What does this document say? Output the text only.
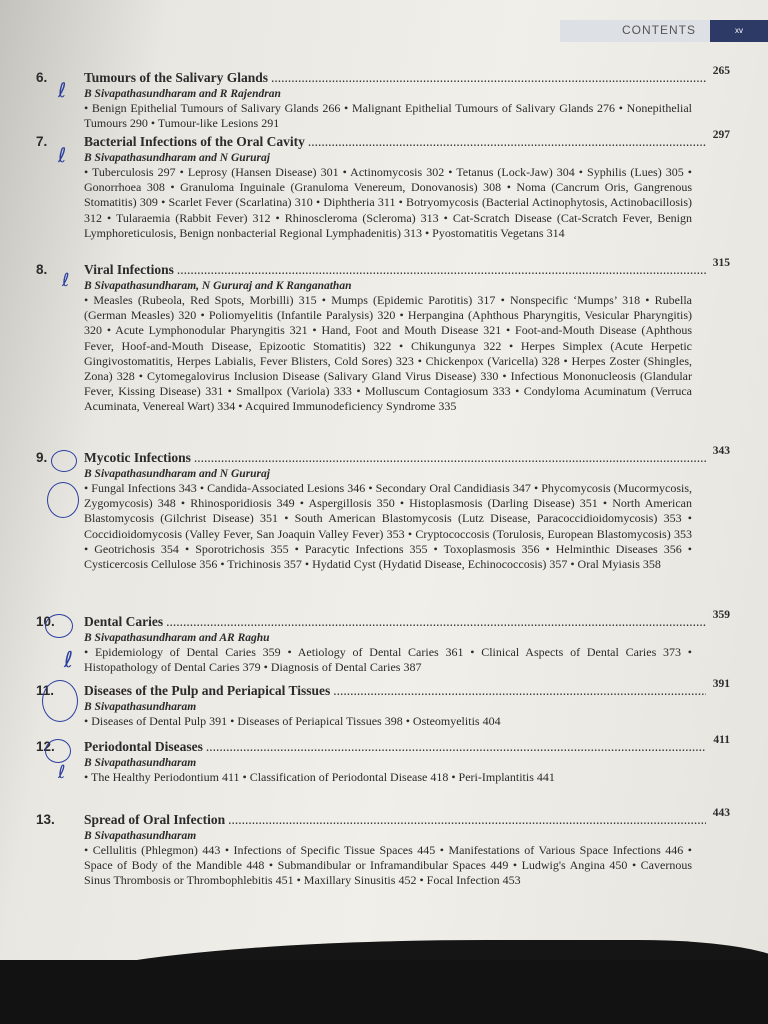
CONTENTS	xv
6.	Tumours of the Salivary Glands .....	265
B Sivapathasundharam and R Rajendran
• Benign Epithelial Tumours of Salivary Glands 266 • Malignant Epithelial Tumours of Salivary Glands 276 • Nonepithelial Tumours 290 • Tumour-like Lesions 291
7.	Bacterial Infections of the Oral Cavity .....	297
B Sivapathasundharam and N Gururaj
• Tuberculosis 297 • Leprosy (Hansen Disease) 301 • Actinomycosis 302 • Tetanus (Lock-Jaw) 304 • Syphilis (Lues) 305 • Gonorrhoea 308 • Granuloma Inguinale (Granuloma Venereum, Donovanosis) 308 • Noma (Cancrum Oris, Gangrenous Stomatitis) 309 • Scarlet Fever (Scarlatina) 310 • Diphtheria 311 • Botryomycosis (Bacterial Actinophytosis, Actinobacillosis) 312 • Tularaemia (Rabbit Fever) 312 • Rhinoscleroma (Scleroma) 313 • Cat-Scratch Disease (Cat-Scratch Fever, Benign Lymphoreticulosis, Benign nonbacterial Regional Lymphadenitis) 313 • Pyostomatitis Vegetans 314
8.	Viral Infections .....	315
B Sivapathasundharam, N Gururaj and K Ranganathan
• Measles (Rubeola, Red Spots, Morbilli) 315 • Mumps (Epidemic Parotitis) 317 • Nonspecific ‘Mumps’ 318 • Rubella (German Measles) 320 • Poliomyelitis (Infantile Paralysis) 320 • Herpangina (Aphthous Pharyngitis, Vesicular Pharyngitis) 320 • Acute Lymphonodular Pharyngitis 321 • Hand, Foot and Mouth Disease 321 • Foot-and-Mouth Disease (Aphthous Fever, Hoof-and-Mouth Disease, Epizootic Stomatitis) 322 • Chikungunya 322 • Herpes Simplex (Acute Herpetic Gingivostomatitis, Herpes Labialis, Fever Blisters, Cold Sores) 323 • Chickenpox (Varicella) 328 • Herpes Zoster (Shingles, Zona) 328 • Cytomegalovirus Inclusion Disease (Salivary Gland Virus Disease) 330 • Infectious Mononucleosis (Glandular Fever, Kissing Disease) 331 • Smallpox (Variola) 333 • Molluscum Contagiosum 333 • Condyloma Acuminatum (Verruca Acuminata, Venereal Wart) 334 • Acquired Immunodeficiency Syndrome 335
9.	Mycotic Infections .....	343
B Sivapathasundharam and N Gururaj
• Fungal Infections 343 • Candida-Associated Lesions 346 • Secondary Oral Candidiasis 347 • Phycomycosis (Mucormycosis, Zygomycosis) 348 • Rhinosporidiosis 349 • Aspergillosis 350 • Histoplasmosis (Darling Disease) 351 • North American Blastomycosis (Gilchrist Disease) 351 • South American Blastomycosis (Lutz Disease, Paracoccidioidomycosis) 353 • Coccidioidomycosis (Valley Fever, San Joaquin Valley Fever) 353 • Cryptococcosis (Torulosis, European Blastomycosis) 353 • Geotrichosis 354 • Sporotrichosis 355 • Paracytic Infections 355 • Toxoplasmosis 356 • Helminthic Diseases 356 • Cysticercosis Cellulose 356 • Trichinosis 357 • Hydatid Cyst (Hydatid Disease, Echinococcosis) 357 • Oral Myiasis 358
10. Dental Caries .....	359
B Sivapathasundharam and AR Raghu
• Epidemiology of Dental Caries 359 • Aetiology of Dental Caries 361 • Clinical Aspects of Dental Caries 373 • Histopathology of Dental Caries 379 • Diagnosis of Dental Caries 387
11. Diseases of the Pulp and Periapical Tissues .....	391
B Sivapathasundharam
• Diseases of Dental Pulp 391 • Diseases of Periapical Tissues 398 • Osteomyelitis 404
12. Periodontal Diseases .....	411
B Sivapathasundharam
• The Healthy Periodontium 411 • Classification of Periodontal Disease 418 • Peri-Implantitis 441
13. Spread of Oral Infection .....	443
B Sivapathasundharam
• Cellulitis (Phlegmon) 443 • Infections of Specific Tissue Spaces 445 • Manifestations of Various Space Infections 446 • Space of Body of the Mandible 448 • Submandibular or Inframandibular Spaces 449 • Ludwig's Angina 450 • Cavernous Sinus Thrombosis or Thrombophlebitis 451 • Maxillary Sinusitis 452 • Focal Infection 453
ℓ
ℓ
ℓ
ℓ
ℓ
